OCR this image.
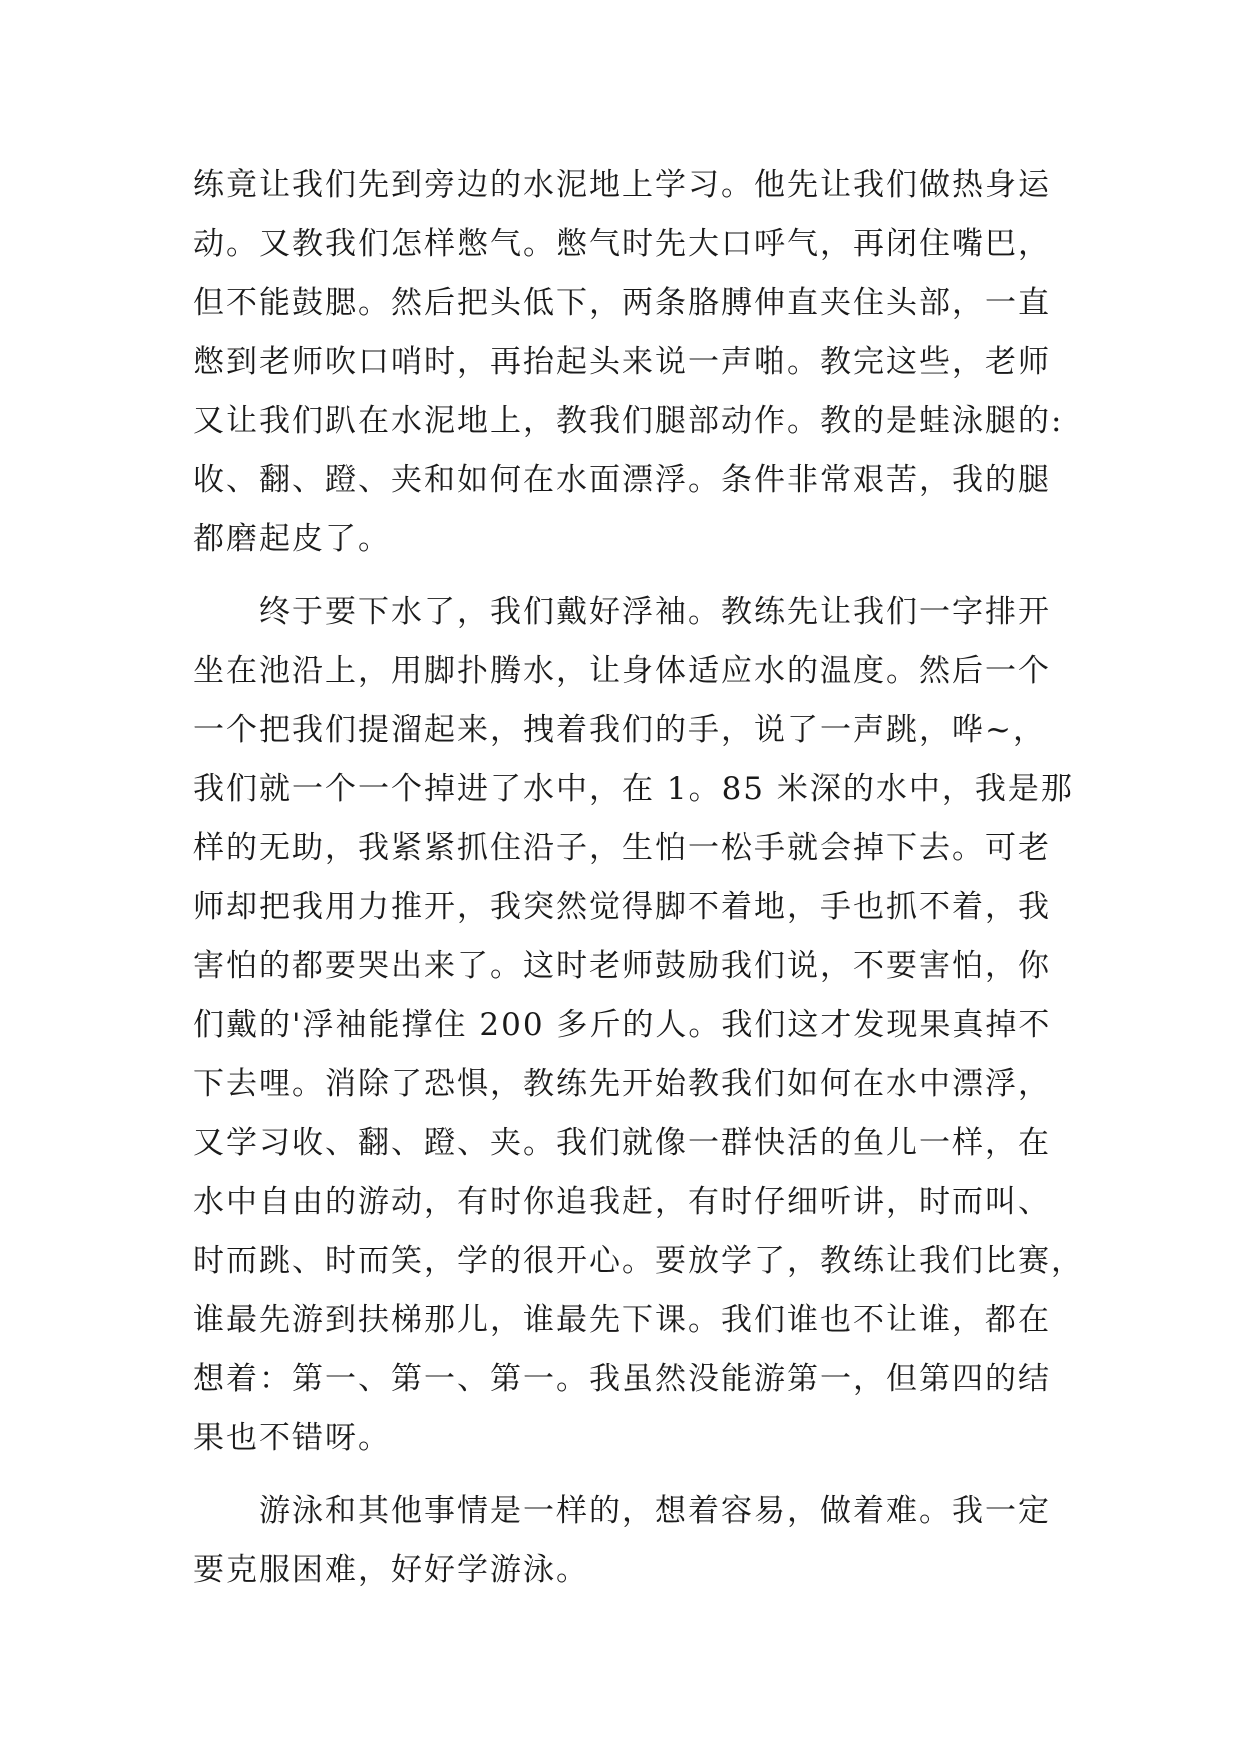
练竟让我们先到旁边的水泥地上学习。他先让我们做热身运
动。又教我们怎样憋气。憋气时先大口呼气，再闭住嘴巴，
但不能鼓腮。然后把头低下，两条胳膊伸直夹住头部，一直
憋到老师吹口哨时，再抬起头来说一声啪。教完这些，老师
又让我们趴在水泥地上，教我们腿部动作。教的是蛙泳腿的:
收、翻、蹬、夹和如何在水面漂浮。条件非常艰苦，我的腿
都磨起皮了。
　　终于要下水了，我们戴好浮袖。教练先让我们一字排开
坐在池沿上，用脚扑腾水，让身体适应水的温度。然后一个
一个把我们提溜起来，拽着我们的手，说了一声跳，哗~，
我们就一个一个掉进了水中，在 1。85 米深的水中，我是那
样的无助，我紧紧抓住沿子，生怕一松手就会掉下去。可老
师却把我用力推开，我突然觉得脚不着地，手也抓不着，我
害怕的都要哭出来了。这时老师鼓励我们说，不要害怕，你
们戴的'浮袖能撑住 200 多斤的人。我们这才发现果真掉不
下去哩。消除了恐惧，教练先开始教我们如何在水中漂浮，
又学习收、翻、蹬、夹。我们就像一群快活的鱼儿一样，在
水中自由的游动，有时你追我赶，有时仔细听讲，时而叫、
时而跳、时而笑，学的很开心。要放学了，教练让我们比赛，
谁最先游到扶梯那儿，谁最先下课。我们谁也不让谁，都在
想着：第一、第一、第一。我虽然没能游第一，但第四的结
果也不错呀。
　　游泳和其他事情是一样的，想着容易，做着难。我一定
要克服困难，好好学游泳。
